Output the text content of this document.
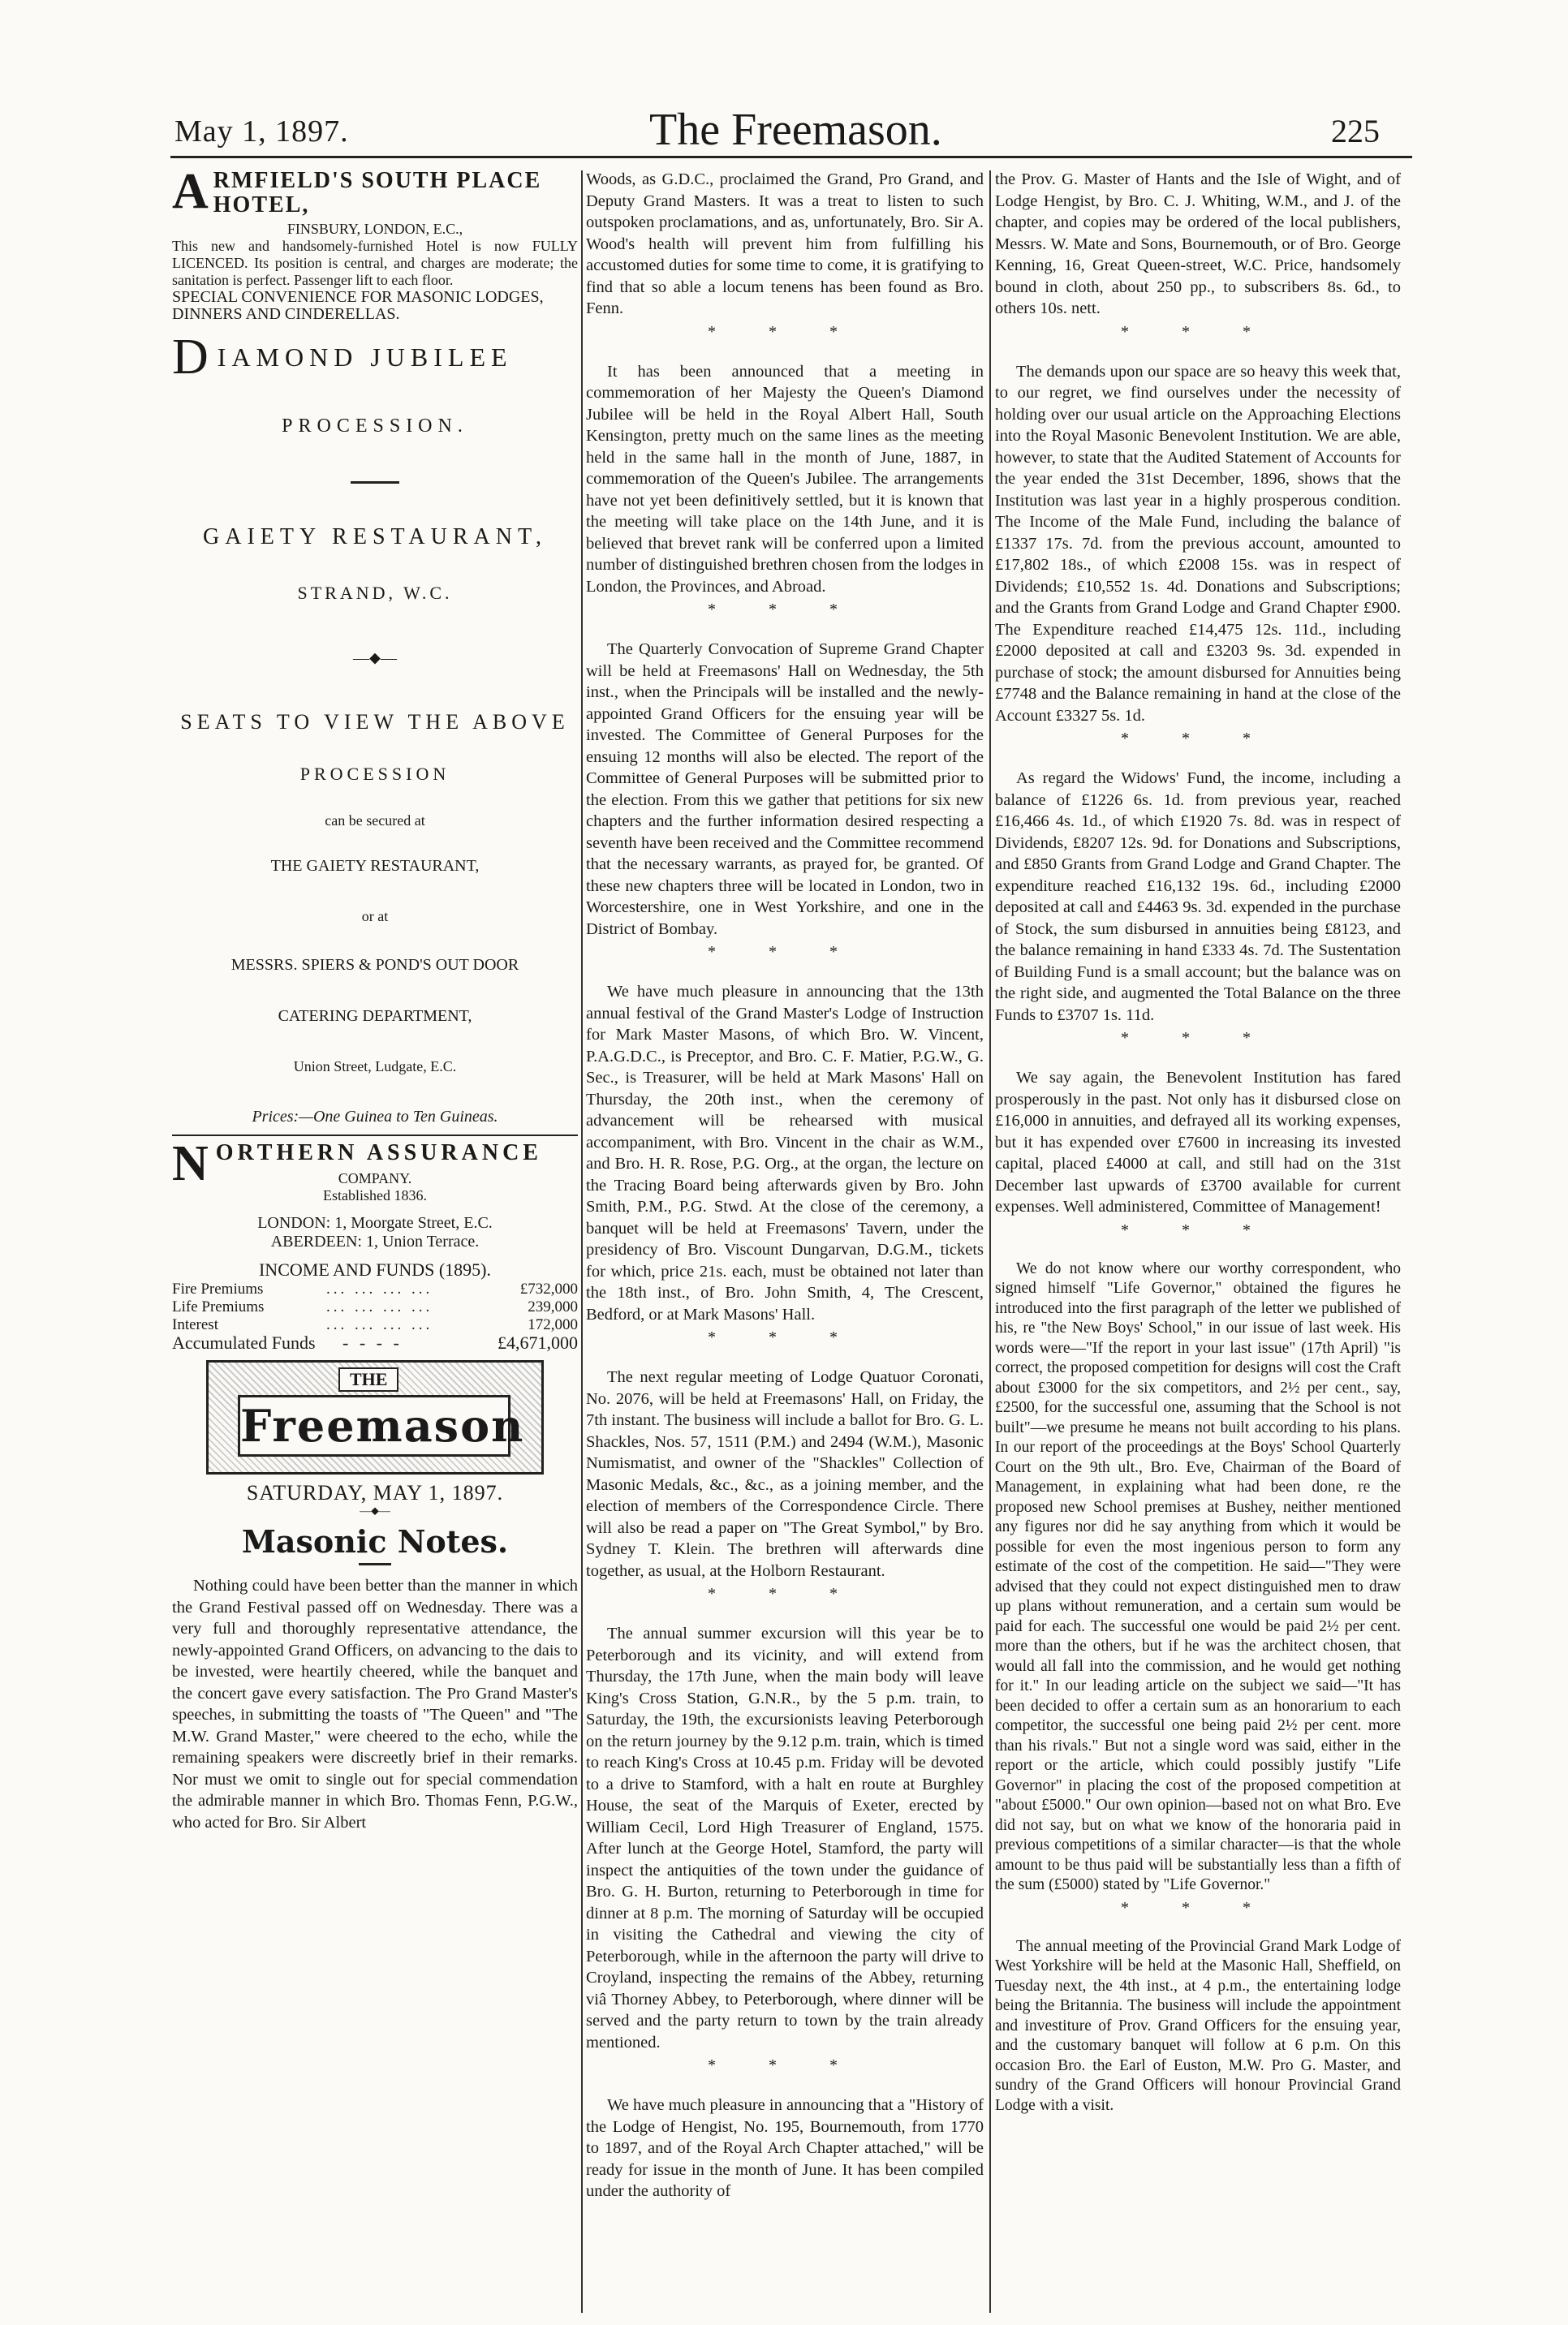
May 1, 1897.	The Freemason.	225
A RMFIELD'S SOUTH PLACE HOTEL,
FINSBURY, LONDON, E.C.,
This new and handsomely-furnished Hotel is now FULLY LICENCED. Its position is central, and charges are moderate; the sanitation is perfect. Passenger lift to each floor.
SPECIAL CONVENIENCE FOR MASONIC LODGES, DINNERS AND CINDERELLAS.
D IAMOND JUBILEE
PROCESSION.
GAIETY RESTAURANT,
STRAND, W.C.
—⬥—
SEATS TO VIEW THE ABOVE
PROCESSION
can be secured at
THE GAIETY RESTAURANT,
or at
MESSRS. SPIERS & POND'S OUT DOOR
CATERING DEPARTMENT,
Union Street, Ludgate, E.C.
Prices:—One Guinea to Ten Guineas.
N ORTHERN ASSURANCE
COMPANY.
Established 1836.
LONDON: 1, Moorgate Street, E.C.
ABERDEEN: 1, Union Terrace.
INCOME AND FUNDS (1895).
Fire Premiums	... ... ... ...	£732,000
Life Premiums	... ... ... ...	239,000
Interest	... ... ... ...	172,000
Accumulated Funds	- - - -	£4,671,000
THE
Freemason
SATURDAY, MAY 1, 1897.
—⬥—
Masonic Notes.

Nothing could have been better than the manner in which the Grand Festival passed off on Wednesday. There was a very full and thoroughly representative attendance, the newly-appointed Grand Officers, on advancing to the dais to be invested, were heartily cheered, while the banquet and the concert gave every satisfaction. The Pro Grand Master's speeches, in submitting the toasts of "The Queen" and "The M.W. Grand Master," were cheered to the echo, while the remaining speakers were discreetly brief in their remarks. Nor must we omit to single out for special commendation the admirable manner in which Bro. Thomas Fenn, P.G.W., who acted for Bro. Sir Albert

Woods, as G.D.C., proclaimed the Grand, Pro Grand, and Deputy Grand Masters. It was a treat to listen to such outspoken proclamations, and as, unfortunately, Bro. Sir A. Wood's health will prevent him from fulfilling his accustomed duties for some time to come, it is gratifying to find that so able a locum tenens has been found as Bro. Fenn.

* * *

It has been announced that a meeting in commemoration of her Majesty the Queen's Diamond Jubilee will be held in the Royal Albert Hall, South Kensington, pretty much on the same lines as the meeting held in the same hall in the month of June, 1887, in commemoration of the Queen's Jubilee. The arrangements have not yet been definitively settled, but it is known that the meeting will take place on the 14th June, and it is believed that brevet rank will be conferred upon a limited number of distinguished brethren chosen from the lodges in London, the Provinces, and Abroad.

* * *

The Quarterly Convocation of Supreme Grand Chapter will be held at Freemasons' Hall on Wednesday, the 5th inst., when the Principals will be installed and the newly-appointed Grand Officers for the ensuing year will be invested. The Committee of General Purposes for the ensuing 12 months will also be elected. The report of the Committee of General Purposes will be submitted prior to the election. From this we gather that petitions for six new chapters and the further information desired respecting a seventh have been received and the Committee recommend that the necessary warrants, as prayed for, be granted. Of these new chapters three will be located in London, two in Worcestershire, one in West Yorkshire, and one in the District of Bombay.

* * *

We have much pleasure in announcing that the 13th annual festival of the Grand Master's Lodge of Instruction for Mark Master Masons, of which Bro. W. Vincent, P.A.G.D.C., is Preceptor, and Bro. C. F. Matier, P.G.W., G. Sec., is Treasurer, will be held at Mark Masons' Hall on Thursday, the 20th inst., when the ceremony of advancement will be rehearsed with musical accompaniment, with Bro. Vincent in the chair as W.M., and Bro. H. R. Rose, P.G. Org., at the organ, the lecture on the Tracing Board being afterwards given by Bro. John Smith, P.M., P.G. Stwd. At the close of the ceremony, a banquet will be held at Freemasons' Tavern, under the presidency of Bro. Viscount Dungarvan, D.G.M., tickets for which, price 21s. each, must be obtained not later than the 18th inst., of Bro. John Smith, 4, The Crescent, Bedford, or at Mark Masons' Hall.

* * *

The next regular meeting of Lodge Quatuor Coronati, No. 2076, will be held at Freemasons' Hall, on Friday, the 7th instant. The business will include a ballot for Bro. G. L. Shackles, Nos. 57, 1511 (P.M.) and 2494 (W.M.), Masonic Numismatist, and owner of the "Shackles" Collection of Masonic Medals, &c., &c., as a joining member, and the election of members of the Correspondence Circle. There will also be read a paper on "The Great Symbol," by Bro. Sydney T. Klein. The brethren will afterwards dine together, as usual, at the Holborn Restaurant.

* * *

The annual summer excursion will this year be to Peterborough and its vicinity, and will extend from Thursday, the 17th June, when the main body will leave King's Cross Station, G.N.R., by the 5 p.m. train, to Saturday, the 19th, the excursionists leaving Peterborough on the return journey by the 9.12 p.m. train, which is timed to reach King's Cross at 10.45 p.m. Friday will be devoted to a drive to Stamford, with a halt en route at Burghley House, the seat of the Marquis of Exeter, erected by William Cecil, Lord High Treasurer of England, 1575. After lunch at the George Hotel, Stamford, the party will inspect the antiquities of the town under the guidance of Bro. G. H. Burton, returning to Peterborough in time for dinner at 8 p.m. The morning of Saturday will be occupied in visiting the Cathedral and viewing the city of Peterborough, while in the afternoon the party will drive to Croyland, inspecting the remains of the Abbey, returning viâ Thorney Abbey, to Peterborough, where dinner will be served and the party return to town by the train already mentioned.

* * *

We have much pleasure in announcing that a "History of the Lodge of Hengist, No. 195, Bournemouth, from 1770 to 1897, and of the Royal Arch Chapter attached," will be ready for issue in the month of June. It has been compiled under the authority of

the Prov. G. Master of Hants and the Isle of Wight, and of Lodge Hengist, by Bro. C. J. Whiting, W.M., and J. of the chapter, and copies may be ordered of the local publishers, Messrs. W. Mate and Sons, Bournemouth, or of Bro. George Kenning, 16, Great Queen-street, W.C. Price, handsomely bound in cloth, about 250 pp., to subscribers 8s. 6d., to others 10s. nett.

* * *

The demands upon our space are so heavy this week that, to our regret, we find ourselves under the necessity of holding over our usual article on the Approaching Elections into the Royal Masonic Benevolent Institution. We are able, however, to state that the Audited Statement of Accounts for the year ended the 31st December, 1896, shows that the Institution was last year in a highly prosperous condition. The Income of the Male Fund, including the balance of £1337 17s. 7d. from the previous account, amounted to £17,802 18s., of which £2008 15s. was in respect of Dividends; £10,552 1s. 4d. Donations and Subscriptions; and the Grants from Grand Lodge and Grand Chapter £900. The Expenditure reached £14,475 12s. 11d., including £2000 deposited at call and £3203 9s. 3d. expended in purchase of stock; the amount disbursed for Annuities being £7748 and the Balance remaining in hand at the close of the Account £3327 5s. 1d.

* * *

As regard the Widows' Fund, the income, including a balance of £1226 6s. 1d. from previous year, reached £16,466 4s. 1d., of which £1920 7s. 8d. was in respect of Dividends, £8207 12s. 9d. for Donations and Subscriptions, and £850 Grants from Grand Lodge and Grand Chapter. The expenditure reached £16,132 19s. 6d., including £2000 deposited at call and £4463 9s. 3d. expended in the purchase of Stock, the sum disbursed in annuities being £8123, and the balance remaining in hand £333 4s. 7d. The Sustentation of Building Fund is a small account; but the balance was on the right side, and augmented the Total Balance on the three Funds to £3707 1s. 11d.

* * *

We say again, the Benevolent Institution has fared prosperously in the past. Not only has it disbursed close on £16,000 in annuities, and defrayed all its working expenses, but it has expended over £7600 in increasing its invested capital, placed £4000 at call, and still had on the 31st December last upwards of £3700 available for current expenses. Well administered, Committee of Management!

* * *

We do not know where our worthy correspondent, who signed himself "Life Governor," obtained the figures he introduced into the first paragraph of the letter we published of his, re "the New Boys' School," in our issue of last week. His words were—"If the report in your last issue" (17th April) "is correct, the proposed competition for designs will cost the Craft about £3000 for the six competitors, and 2½ per cent., say, £2500, for the successful one, assuming that the School is not built"—we presume he means not built according to his plans. In our report of the proceedings at the Boys' School Quarterly Court on the 9th ult., Bro. Eve, Chairman of the Board of Management, in explaining what had been done, re the proposed new School premises at Bushey, neither mentioned any figures nor did he say anything from which it would be possible for even the most ingenious person to form any estimate of the cost of the competition. He said—"They were advised that they could not expect distinguished men to draw up plans without remuneration, and a certain sum would be paid for each. The successful one would be paid 2½ per cent. more than the others, but if he was the architect chosen, that would all fall into the commission, and he would get nothing for it." In our leading article on the subject we said—"It has been decided to offer a certain sum as an honorarium to each competitor, the successful one being paid 2½ per cent. more than his rivals." But not a single word was said, either in the report or the article, which could possibly justify "Life Governor" in placing the cost of the proposed competition at "about £5000." Our own opinion—based not on what Bro. Eve did not say, but on what we know of the honoraria paid in previous competitions of a similar character—is that the whole amount to be thus paid will be substantially less than a fifth of the sum (£5000) stated by "Life Governor."

* * *

The annual meeting of the Provincial Grand Mark Lodge of West Yorkshire will be held at the Masonic Hall, Sheffield, on Tuesday next, the 4th inst., at 4 p.m., the entertaining lodge being the Britannia. The business will include the appointment and investiture of Prov. Grand Officers for the ensuing year, and the customary banquet will follow at 6 p.m. On this occasion Bro. the Earl of Euston, M.W. Pro G. Master, and sundry of the Grand Officers will honour Provincial Grand Lodge with a visit.
